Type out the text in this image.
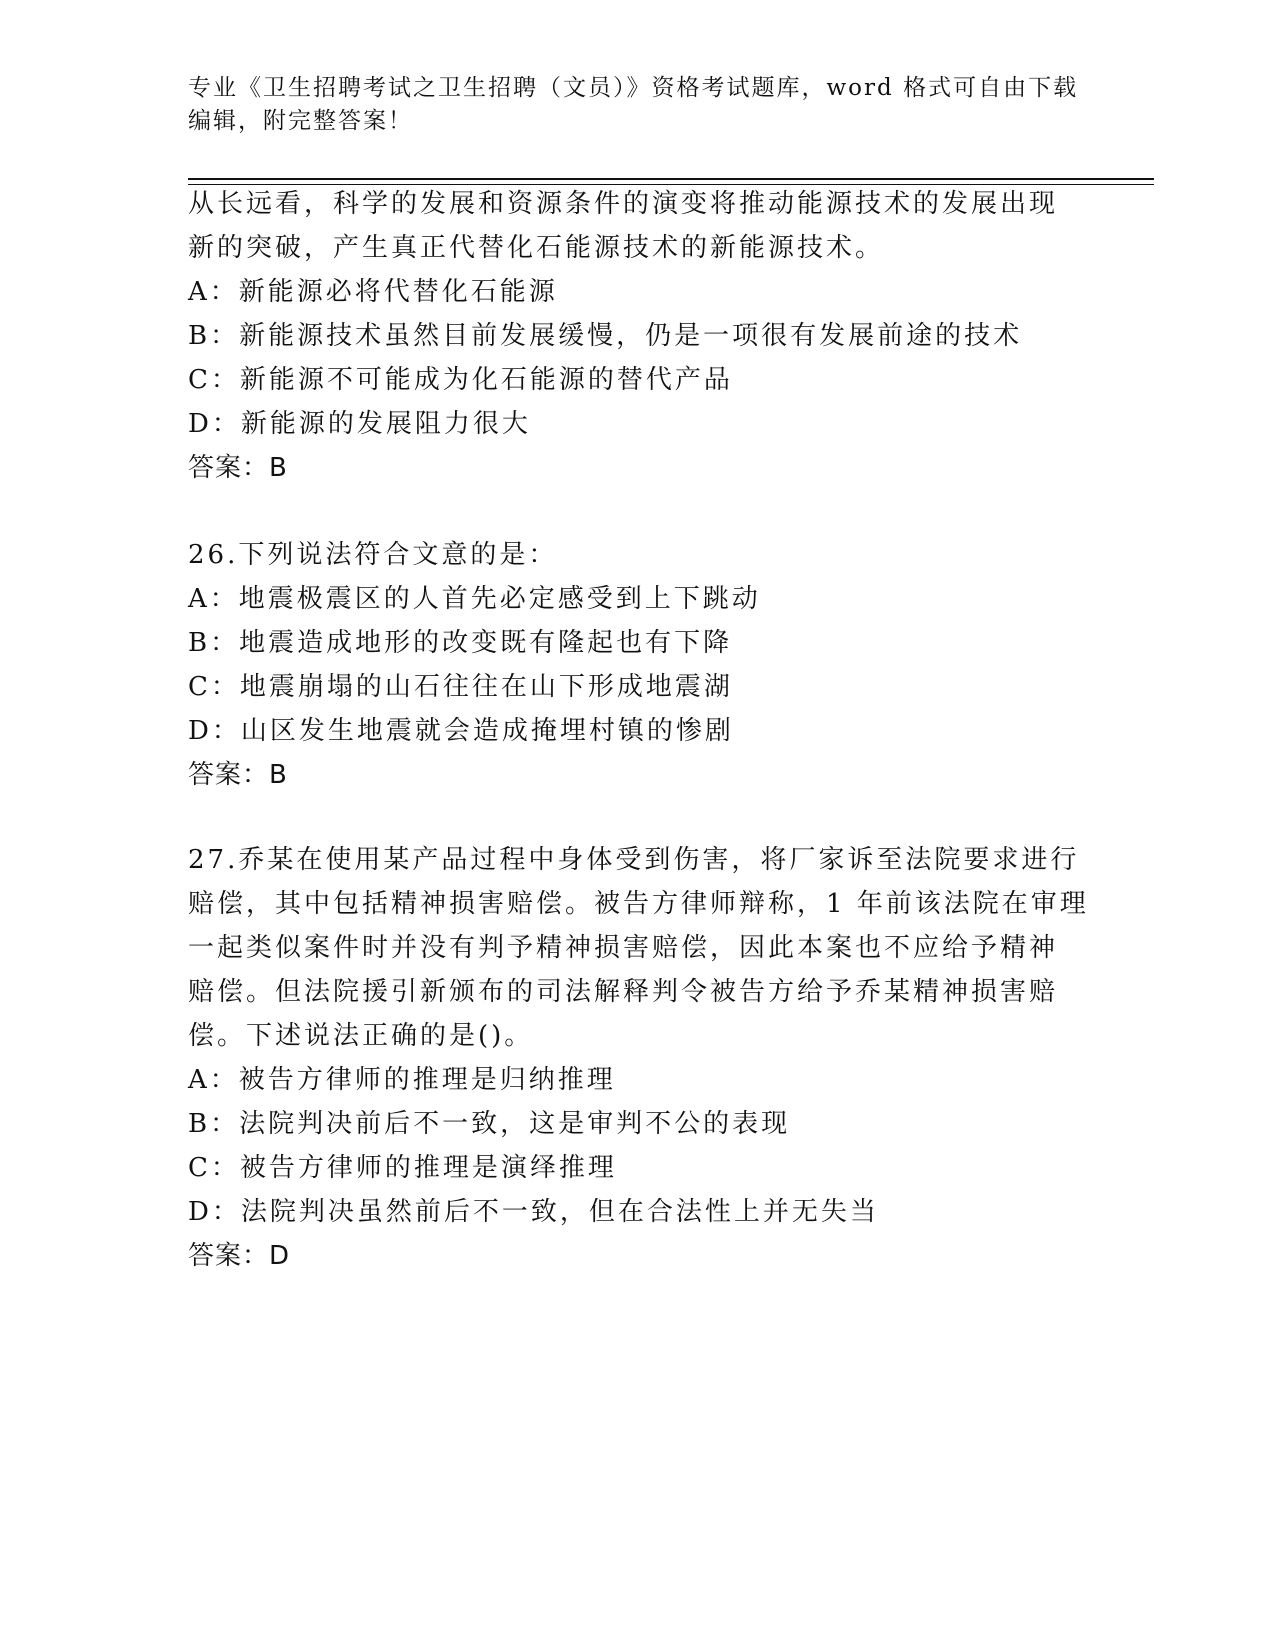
专业《卫生招聘考试之卫生招聘（文员）》资格考试题库，word 格式可自由下载
编辑，附完整答案！
从长远看，科学的发展和资源条件的演变将推动能源技术的发展出现
新的突破，产生真正代替化石能源技术的新能源技术。
A：新能源必将代替化石能源
B：新能源技术虽然目前发展缓慢，仍是一项很有发展前途的技术
C：新能源不可能成为化石能源的替代产品
D：新能源的发展阻力很大
答案：B
26.下列说法符合文意的是：
A：地震极震区的人首先必定感受到上下跳动
B：地震造成地形的改变既有隆起也有下降
C：地震崩塌的山石往往在山下形成地震湖
D：山区发生地震就会造成掩埋村镇的惨剧
答案：B
27.乔某在使用某产品过程中身体受到伤害，将厂家诉至法院要求进行
赔偿，其中包括精神损害赔偿。被告方律师辩称，1 年前该法院在审理
一起类似案件时并没有判予精神损害赔偿，因此本案也不应给予精神
赔偿。但法院援引新颁布的司法解释判令被告方给予乔某精神损害赔
偿。下述说法正确的是()。
A：被告方律师的推理是归纳推理
B：法院判决前后不一致，这是审判不公的表现
C：被告方律师的推理是演绎推理
D：法院判决虽然前后不一致，但在合法性上并无失当
答案：D
